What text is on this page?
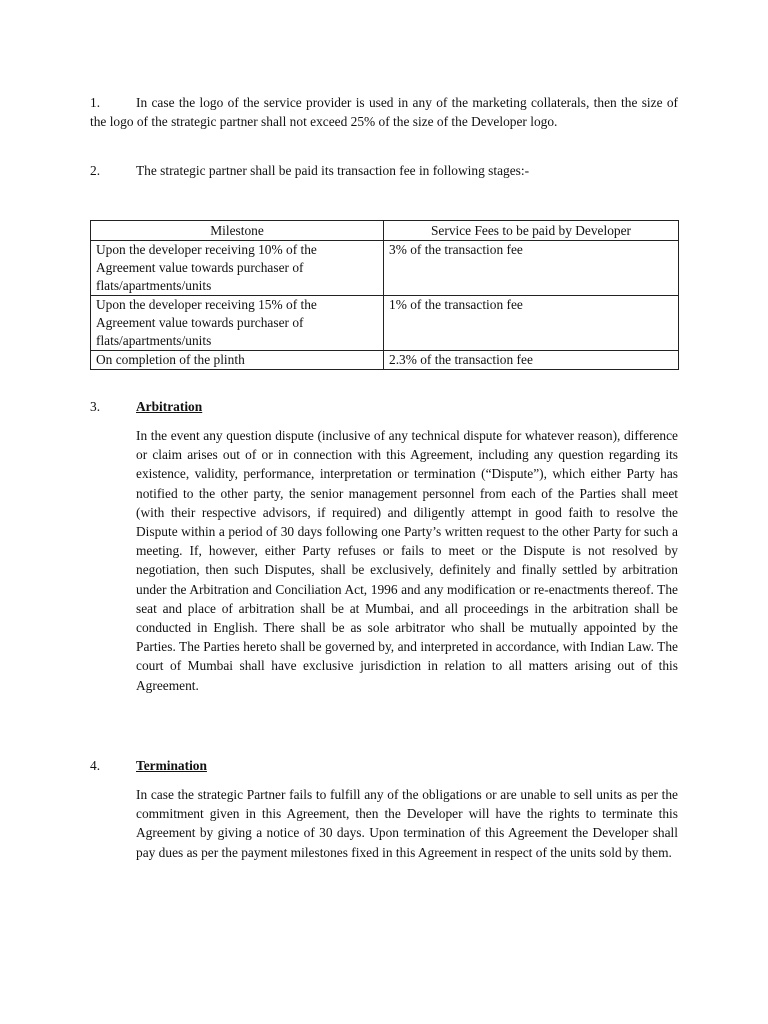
1.	In case the logo of the service provider is used in any of the marketing collaterals, then the size of the logo of the strategic partner shall not exceed 25% of the size of the Developer logo.
2.	The strategic partner shall be paid its transaction fee in following stages:-
Milestone	Service Fees to be paid by Developer
Upon the developer receiving 10% of the Agreement value towards purchaser of flats/apartments/units	3% of the transaction fee
Upon the developer receiving 15% of the Agreement value towards purchaser of flats/apartments/units	1% of the transaction fee
On completion of the plinth	2.3% of the transaction fee
3.	Arbitration
In the event any question dispute (inclusive of any technical dispute for whatever reason), difference or claim arises out of or in connection with this Agreement, including any question regarding its existence, validity, performance, interpretation or termination (“Dispute”), which either Party has notified to the other party, the senior management personnel from each of the Parties shall meet (with their respective advisors, if required) and diligently attempt in good faith to resolve the Dispute within a period of 30 days following one Party’s written request to the other Party for such a meeting. If, however, either Party refuses or fails to meet or the Dispute is not resolved by negotiation, then such Disputes, shall be exclusively, definitely and finally settled by arbitration under the Arbitration and Conciliation Act, 1996 and any modification or re-enactments thereof. The seat and place of arbitration shall be at Mumbai, and all proceedings in the arbitration shall be conducted in English. There shall be as sole arbitrator who shall be mutually appointed by the Parties. The Parties hereto shall be governed by, and interpreted in accordance, with Indian Law. The court of Mumbai shall have exclusive jurisdiction in relation to all matters arising out of this Agreement.
4.	Termination
In case the strategic Partner fails to fulfill any of the obligations or are unable to sell units as per the commitment given in this Agreement, then the Developer will have the rights to terminate this Agreement by giving a notice of 30 days. Upon termination of this Agreement the Developer shall pay dues as per the payment milestones fixed in this Agreement in respect of the units sold by them.
